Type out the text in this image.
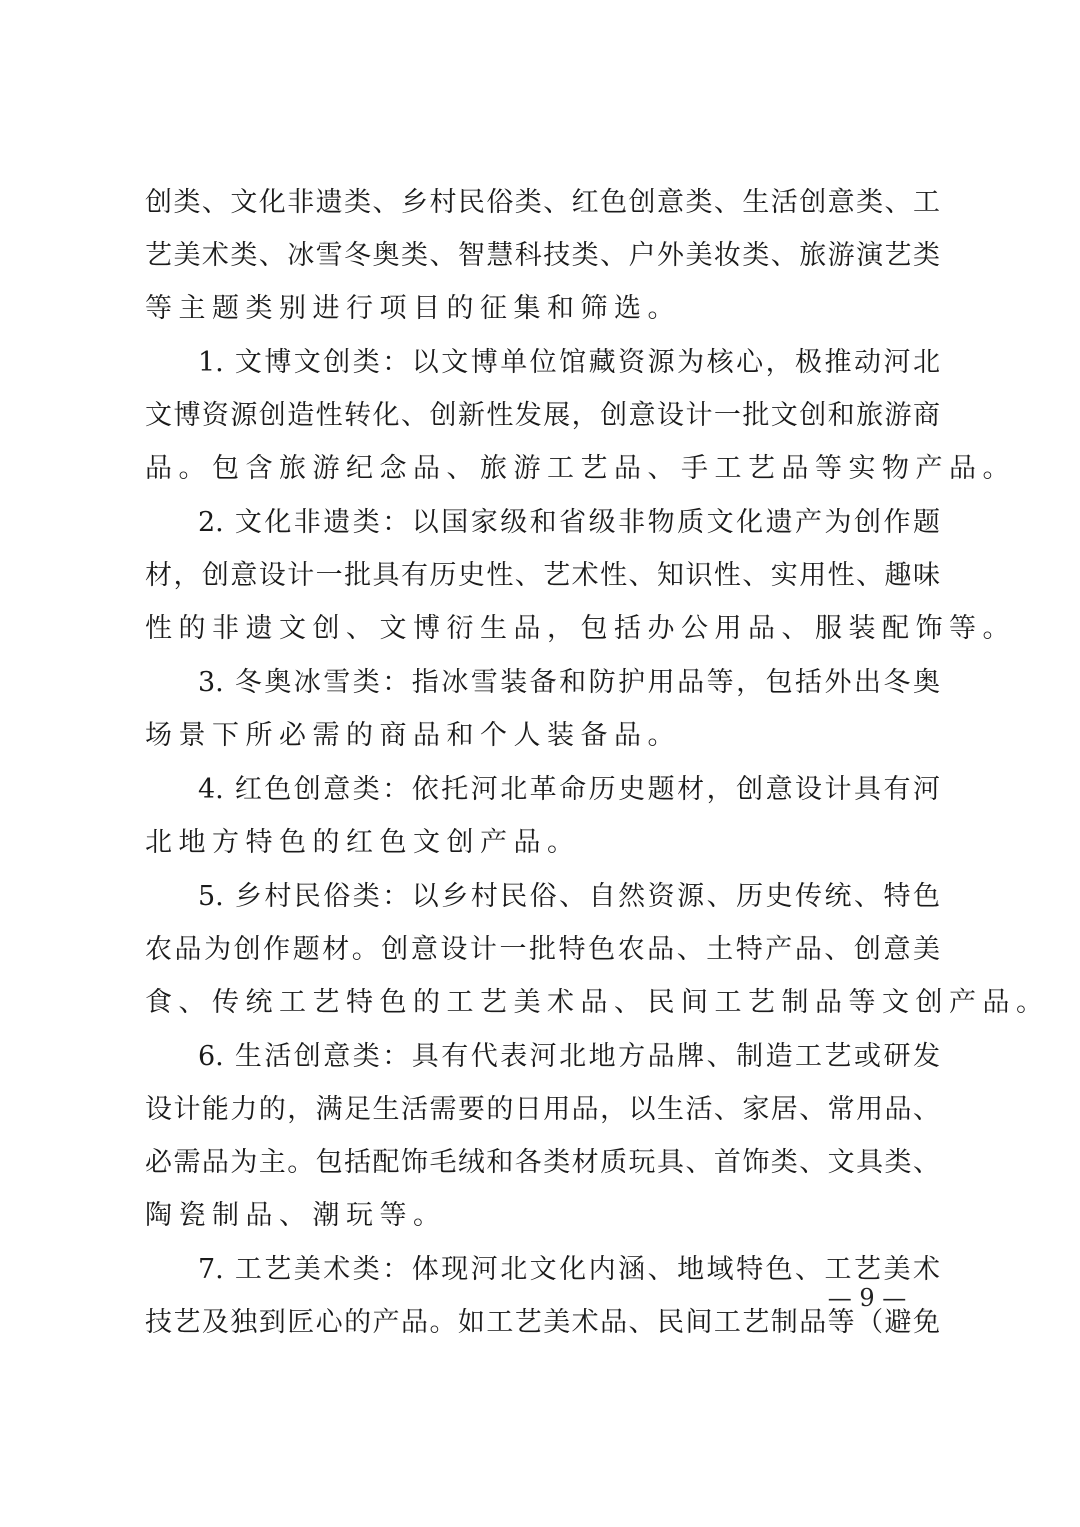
创类、文化非遗类、乡村民俗类、红色创意类、生活创意类、工
艺美术类、冰雪冬奥类、智慧科技类、户外美妆类、旅游演艺类
等主题类别进行项目的征集和筛选。
1. 文博文创类：以文博单位馆藏资源为核心，极推动河北
文博资源创造性转化、创新性发展，创意设计一批文创和旅游商
品。包含旅游纪念品、旅游工艺品、手工艺品等实物产品。
2. 文化非遗类：以国家级和省级非物质文化遗产为创作题
材，创意设计一批具有历史性、艺术性、知识性、实用性、趣味
性的非遗文创、文博衍生品，包括办公用品、服装配饰等。
3. 冬奥冰雪类：指冰雪装备和防护用品等，包括外出冬奥
场景下所必需的商品和个人装备品。
4. 红色创意类：依托河北革命历史题材，创意设计具有河
北地方特色的红色文创产品。
5. 乡村民俗类：以乡村民俗、自然资源、历史传统、特色
农品为创作题材。创意设计一批特色农品、土特产品、创意美
食、传统工艺特色的工艺美术品、民间工艺制品等文创产品。
6. 生活创意类：具有代表河北地方品牌、制造工艺或研发
设计能力的，满足生活需要的日用品，以生活、家居、常用品、
必需品为主。包括配饰毛绒和各类材质玩具、首饰类、文具类、
陶瓷制品、潮玩等。
7. 工艺美术类：体现河北文化内涵、地域特色、工艺美术
技艺及独到匠心的产品。如工艺美术品、民间工艺制品等（避免
— 9 —
